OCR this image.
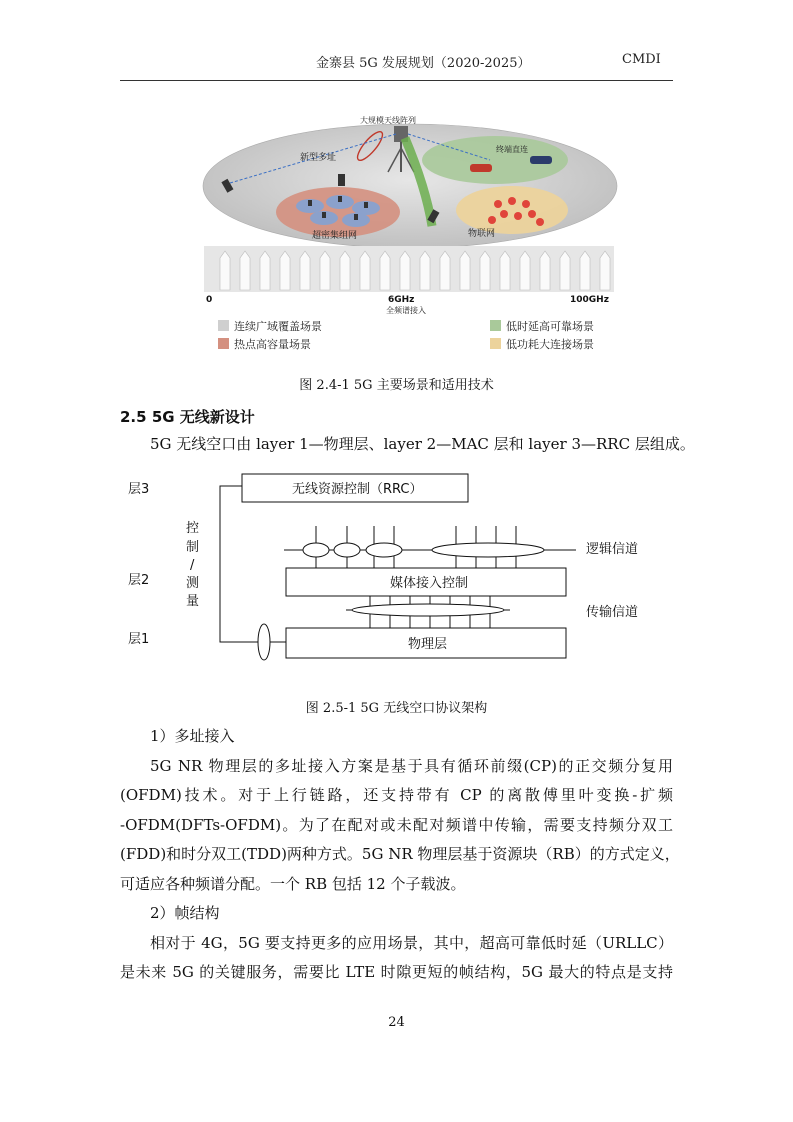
金寨县 5G 发展规划（2020-2025）	CMDI
大规模天线阵列
新型多址
终端直连
超密集组网	物联网
0	6GHz	100GHz
全频谱接入
连续广域覆盖场景	低时延高可靠场景
热点高容量场景	低功耗大连接场景
图 2.4-1 5G 主要场景和适用技术
2.5 5G 无线新设计
5G 无线空口由 layer 1—物理层、layer 2—MAC 层和 layer 3—RRC 层组成。
层3
层2
层1
控
制
/
测
量
无线资源控制（RRC）
媒体接入控制
物理层
逻辑信道
传输信道
图 2.5-1 5G 无线空口协议架构
1）多址接入
5G NR 物理层的多址接入方案是基于具有循环前缀(CP)的正交频分复用
(OFDM)技术。对于上行链路，还支持带有 CP 的离散傅里叶变换-扩频
-OFDM(DFTs-OFDM)。为了在配对或未配对频谱中传输，需要支持频分双工
(FDD)和时分双工(TDD)两种方式。5G NR 物理层基于资源块（RB）的方式定义，
可适应各种频谱分配。一个 RB 包括 12 个子载波。
2）帧结构
相对于 4G，5G 要支持更多的应用场景，其中，超高可靠低时延（URLLC）
是未来 5G 的关键服务，需要比 LTE 时隙更短的帧结构，5G 最大的特点是支持
24
